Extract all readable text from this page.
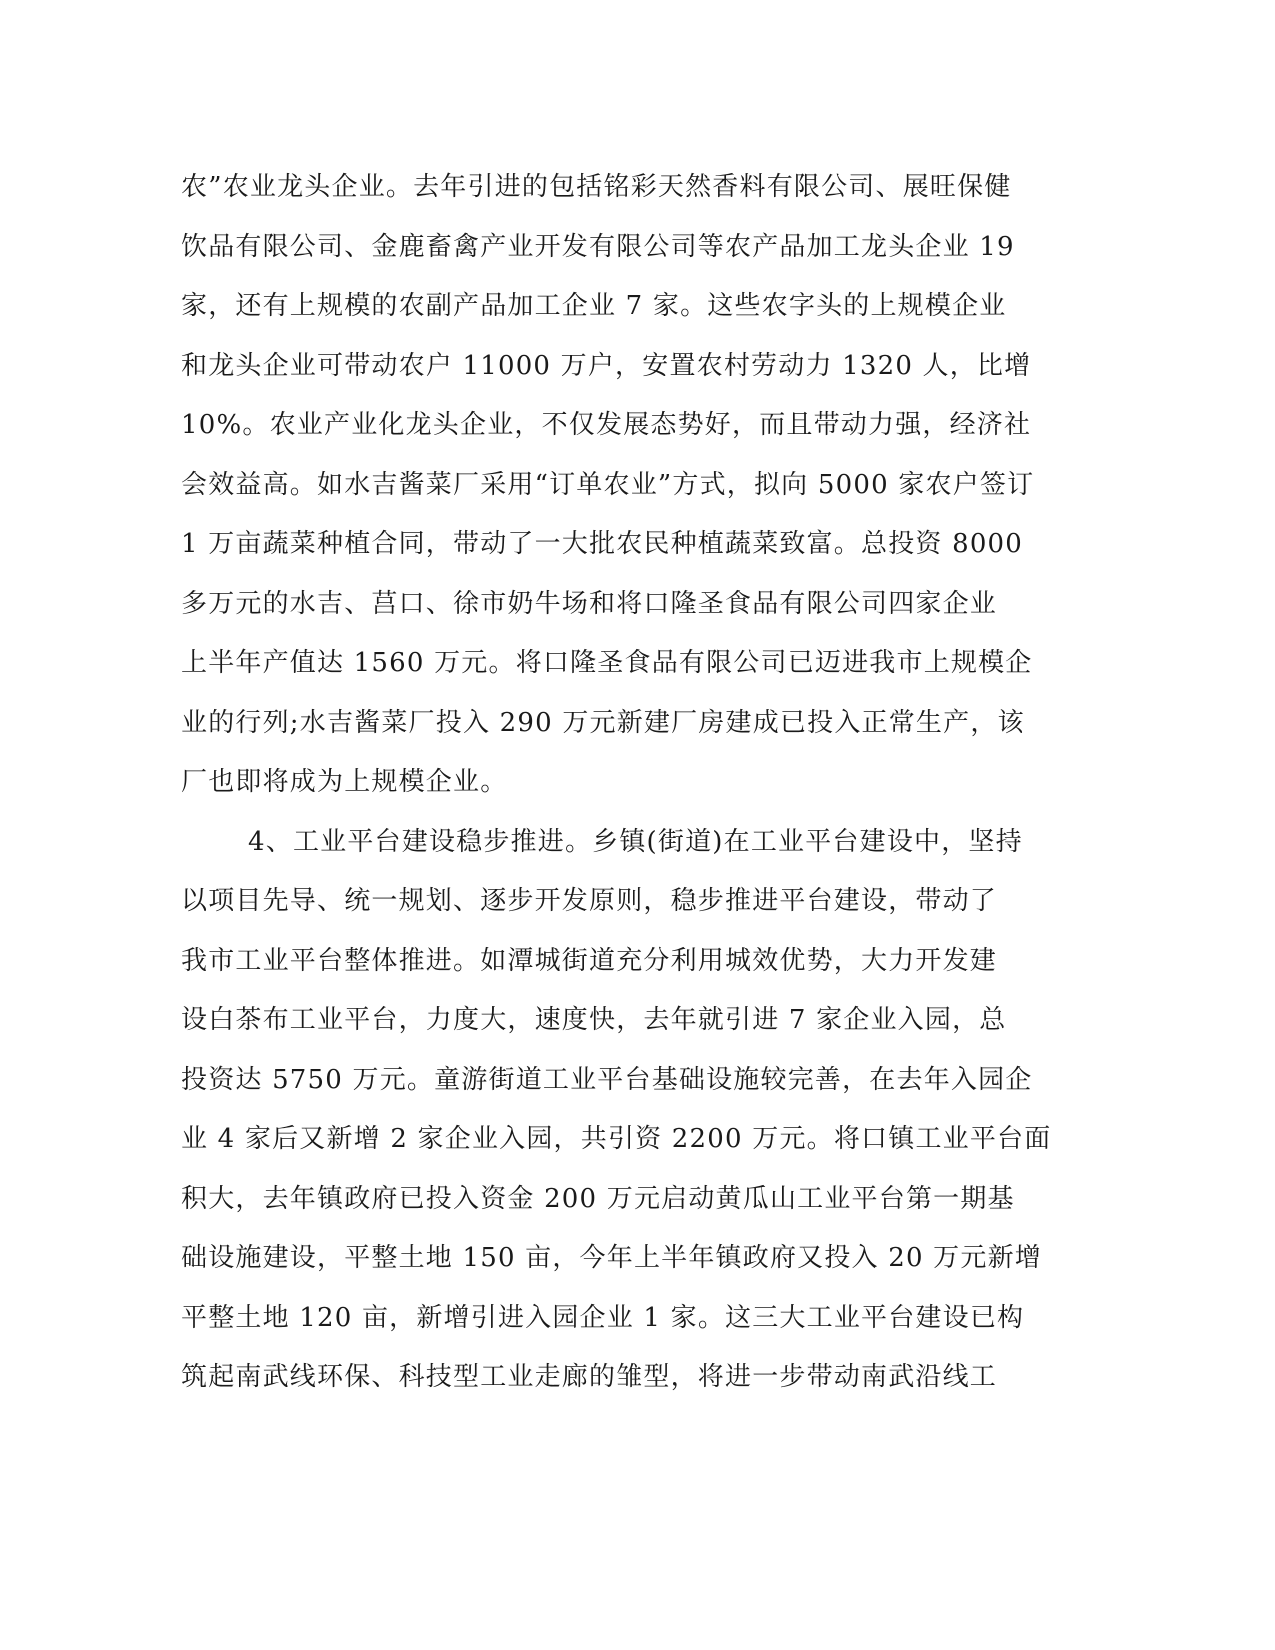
农”农业龙头企业。去年引进的包括铭彩天然香料有限公司、展旺保健
饮品有限公司、金鹿畜禽产业开发有限公司等农产品加工龙头企业 19
家，还有上规模的农副产品加工企业 7 家。这些农字头的上规模企业
和龙头企业可带动农户 11000 万户，安置农村劳动力 1320 人，比增
10%。农业产业化龙头企业，不仅发展态势好，而且带动力强，经济社
会效益高。如水吉酱菜厂采用“订单农业”方式，拟向 5000 家农户签订
1 万亩蔬菜种植合同，带动了一大批农民种植蔬菜致富。总投资 8000
多万元的水吉、莒口、徐市奶牛场和将口隆圣食品有限公司四家企业
上半年产值达 1560 万元。将口隆圣食品有限公司已迈进我市上规模企
业的行列;水吉酱菜厂投入 290 万元新建厂房建成已投入正常生产，该
厂也即将成为上规模企业。
4、工业平台建设稳步推进。乡镇(街道)在工业平台建设中，坚持
以项目先导、统一规划、逐步开发原则，稳步推进平台建设，带动了
我市工业平台整体推进。如潭城街道充分利用城效优势，大力开发建
设白茶布工业平台，力度大，速度快，去年就引进 7 家企业入园，总
投资达 5750 万元。童游街道工业平台基础设施较完善，在去年入园企
业 4 家后又新增 2 家企业入园，共引资 2200 万元。将口镇工业平台面
积大，去年镇政府已投入资金 200 万元启动黄瓜山工业平台第一期基
础设施建设，平整土地 150 亩，今年上半年镇政府又投入 20 万元新增
平整土地 120 亩，新增引进入园企业 1 家。这三大工业平台建设已构
筑起南武线环保、科技型工业走廊的雏型，将进一步带动南武沿线工
